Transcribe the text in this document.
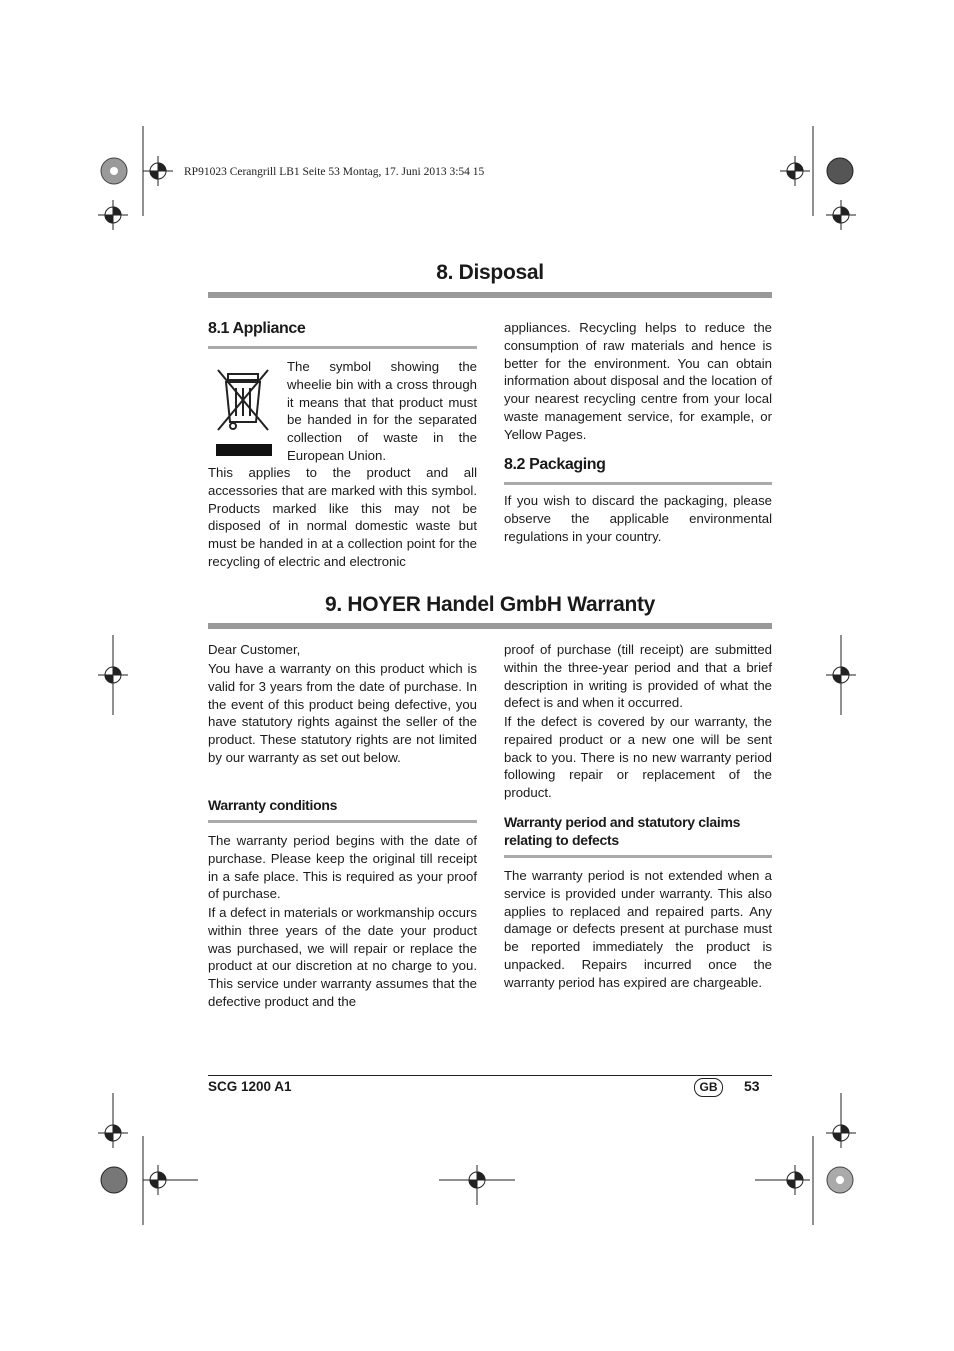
RP91023 Cerangrill LB1 Seite 53 Montag, 17. Juni 2013 3:54 15
8. Disposal
8.1 Appliance

The symbol showing the wheelie bin with a cross through it means that that product must be handed in for the separated collection of waste in the European Union.

This applies to the product and all accessories that are marked with this symbol. Products marked like this may not be disposed of in normal domestic waste but must be handed in at a collection point for the recycling of electric and electronic

appliances. Recycling helps to reduce the consumption of raw materials and hence is better for the environment. You can obtain information about disposal and the location of your nearest recycling centre from your local waste management service, for example, or Yellow Pages.

8.2 Packaging

If you wish to discard the packaging, please observe the applicable environmental regulations in your country.

9. HOYER Handel GmbH Warranty

Dear Customer,

You have a warranty on this product which is valid for 3 years from the date of purchase. In the event of this product being defective, you have statutory rights against the seller of the product. These statutory rights are not limited by our warranty as set out below.

Warranty conditions

The warranty period begins with the date of purchase. Please keep the original till receipt in a safe place. This is required as your proof of purchase.

If a defect in materials or workmanship occurs within three years of the date your product was purchased, we will repair or replace the product at our discretion at no charge to you. This service under warranty assumes that the defective product and the

proof of purchase (till receipt) are submitted within the three-year period and that a brief description in writing is provided of what the defect is and when it occurred.

If the defect is covered by our warranty, the repaired product or a new one will be sent back to you. There is no new warranty period following repair or replacement of the product.

Warranty period and statutory claims relating to defects

The warranty period is not extended when a service is provided under warranty. This also applies to replaced and repaired parts. Any damage or defects present at purchase must be reported immediately the product is unpacked. Repairs incurred once the warranty period has expired are chargeable.

SCG 1200 A1	GB	53
